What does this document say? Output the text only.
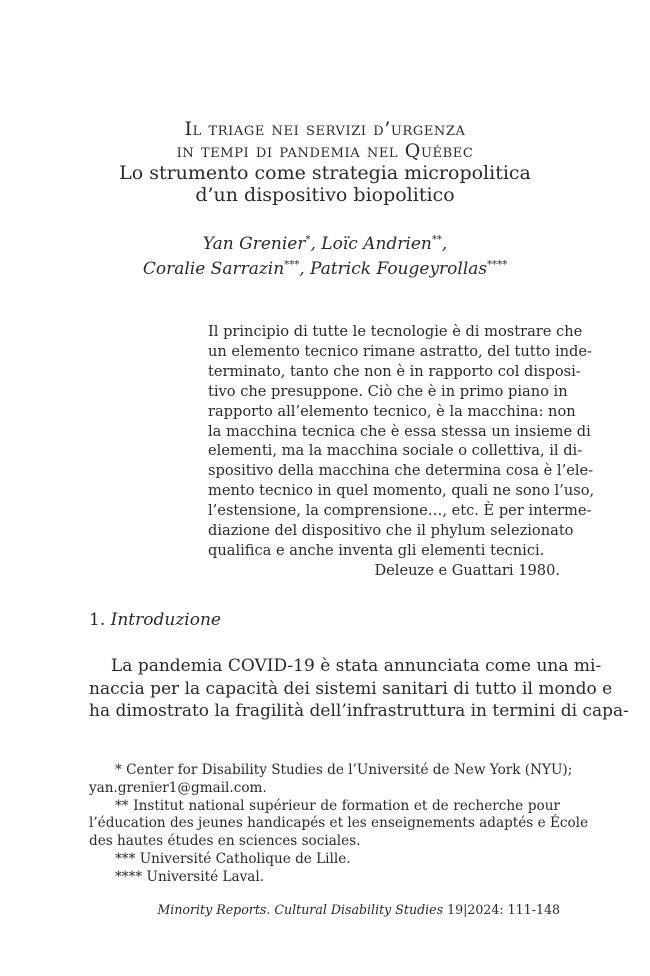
Il triage nei servizi d’urgenza
in tempi di pandemia nel Québec
Lo strumento come strategia micropolitica
d’un dispositivo biopolitico
Yan Grenier*, Loïc Andrien**,
Coralie Sarrazin***, Patrick Fougeyrollas****
Il principio di tutte le tecnologie è di mostrare che
un elemento tecnico rimane astratto, del tutto inde-
terminato, tanto che non è in rapporto col disposi-
tivo che presuppone. Ciò che è in primo piano in
rapporto all’elemento tecnico, è la macchina: non
la macchina tecnica che è essa stessa un insieme di
elementi, ma la macchina sociale o collettiva, il di-
spositivo della macchina che determina cosa è l’ele-
mento tecnico in quel momento, quali ne sono l’uso,
l’estensione, la comprensione…, etc. È per interme-
diazione del dispositivo che il phylum selezionato
qualifica e anche inventa gli elementi tecnici.
Deleuze e Guattari 1980.
1. Introduzione
La pandemia COVID-19 è stata annunciata come una mi-
naccia per la capacità dei sistemi sanitari di tutto il mondo e
ha dimostrato la fragilità dell’infrastruttura in termini di capa-
* Center for Disability Studies de l’Université de New York (NYU);
yan.grenier1@gmail.com.
** Institut national supérieur de formation et de recherche pour
l’éducation des jeunes handicapés et les enseignements adaptés e École
des hautes études en sciences sociales.
*** Université Catholique de Lille.
**** Université Laval.
Minority Reports. Cultural Disability Studies 19|2024: 111-148
